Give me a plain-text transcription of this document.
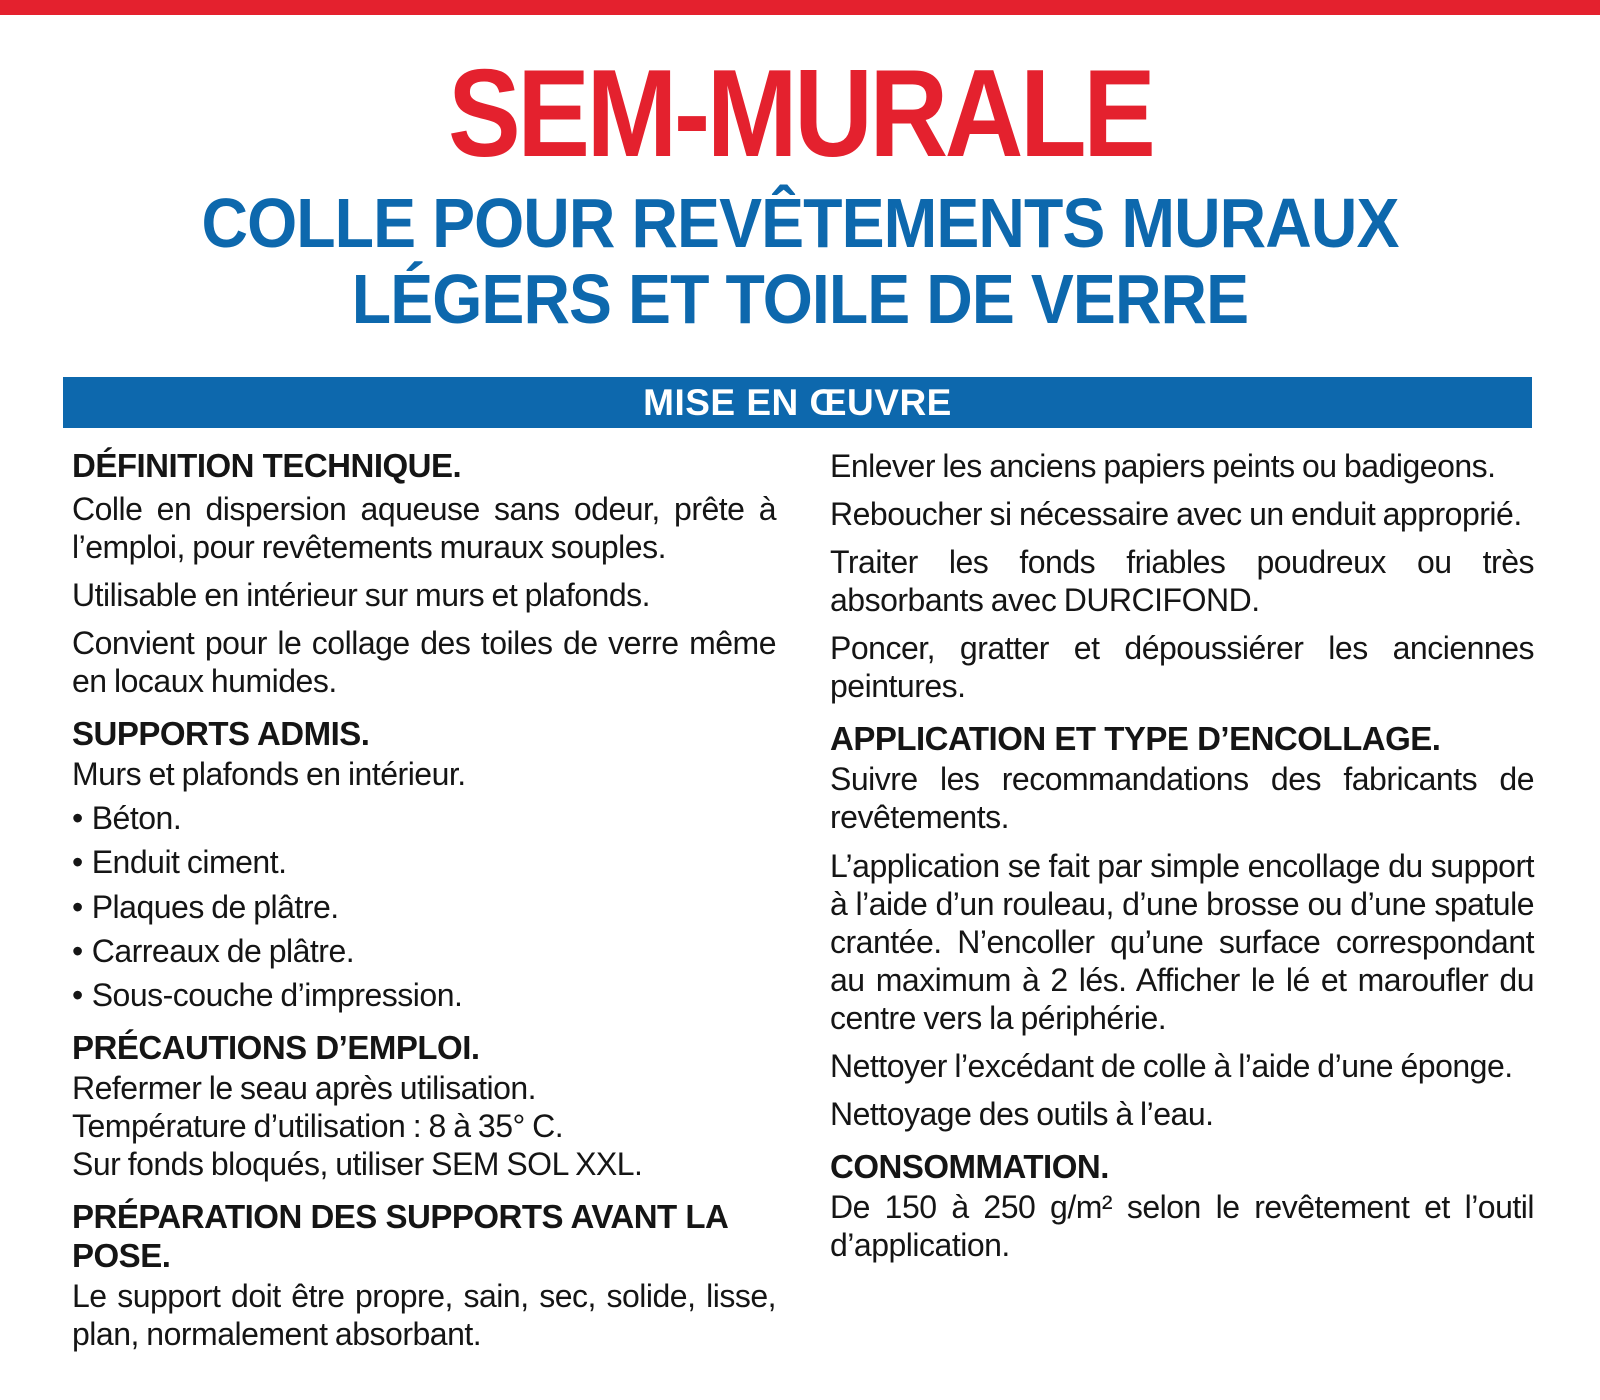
SEM-MURALE
COLLE POUR REVÊTEMENTS MURAUX
LÉGERS ET TOILE DE VERRE
MISE EN ŒUVRE
DÉFINITION TECHNIQUE.

Colle en dispersion aqueuse sans odeur, prête à l’emploi, pour revêtements muraux souples.

Utilisable en intérieur sur murs et plafonds.

Convient pour le collage des toiles de verre même en locaux humides.

SUPPORTS ADMIS.

Murs et plafonds en intérieur.

• Béton.

• Enduit ciment.

• Plaques de plâtre.

• Carreaux de plâtre.

• Sous-couche d’impression.

PRÉCAUTIONS D’EMPLOI.

Refermer le seau après utilisation.

Température d’utilisation : 8 à 35° C.

Sur fonds bloqués, utiliser SEM SOL XXL.

PRÉPARATION DES SUPPORTS AVANT LA POSE.

Le support doit être propre, sain, sec, solide, lisse, plan, normalement absorbant.

Enlever les anciens papiers peints ou badigeons.

Reboucher si nécessaire avec un enduit approprié.

Traiter les fonds friables poudreux ou très absorbants avec DURCIFOND.

Poncer, gratter et dépoussiérer les anciennes peintures.

APPLICATION ET TYPE D’ENCOLLAGE.

Suivre les recommandations des fabricants de revêtements.

L’application se fait par simple encollage du support à l’aide d’un rouleau, d’une brosse ou d’une spatule crantée. N’encoller qu’une surface correspondant au maximum à 2 lés. Afficher le lé et maroufler du centre vers la périphérie.

Nettoyer l’excédant de colle à l’aide d’une éponge.

Nettoyage des outils à l’eau.

CONSOMMATION.

De 150 à 250 g/m² selon le revêtement et l’outil d’application.
